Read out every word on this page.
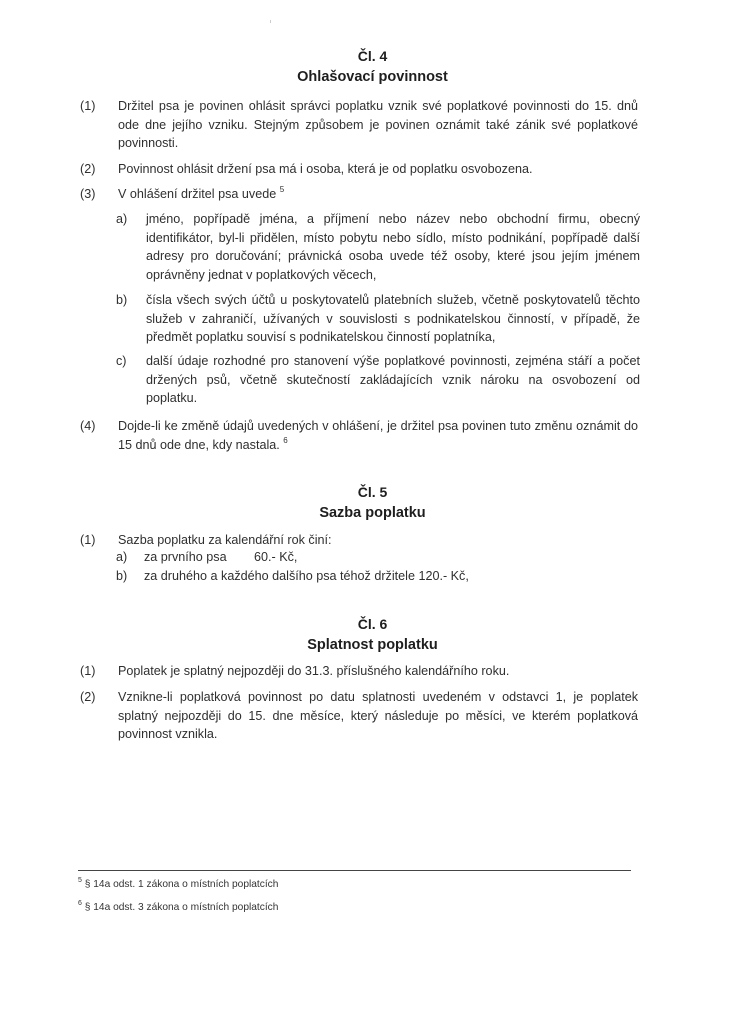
Čl. 4
Ohlašovací povinnost
(1) Držitel psa je povinen ohlásit správci poplatku vznik své poplatkové povinnosti do 15. dnů ode dne jejího vzniku. Stejným způsobem je povinen oznámit také zánik své poplatkové povinnosti.
(2) Povinnost ohlásit držení psa má i osoba, která je od poplatku osvobozena.
(3) V ohlášení držitel psa uvede $^5$
a) jméno, popřípadě jména, a příjmení nebo název nebo obchodní firmu, obecný identifikátor, byl-li přidělen, místo pobytu nebo sídlo, místo podnikání, popřípadě další adresy pro doručování; právnická osoba uvede též osoby, které jsou jejím jménem oprávněny jednat v poplatkových věcech,
b) čísla všech svých účtů u poskytovatelů platebních služeb, včetně poskytovatelů těchto služeb v zahraničí, užívaných v souvislosti s podnikatelskou činností, v případě, že předmět poplatku souvisí s podnikatelskou činností poplatníka,
c) další údaje rozhodné pro stanovení výše poplatkové povinnosti, zejména stáří a počet držených psů, včetně skutečností zakládajících vznik nároku na osvobození od poplatku.
(4) Dojde-li ke změně údajů uvedených v ohlášení, je držitel psa povinen tuto změnu oznámit do 15 dnů ode dne, kdy nastala. $^6$
Čl. 5
Sazba poplatku
(1) Sazba poplatku za kalendářní rok činí:
a) za prvního psa 60.- Kč,
b) za druhého a každého dalšího psa téhož držitele 120.- Kč,
Čl. 6
Splatnost poplatku
(1) Poplatek je splatný nejpozději do 31.3. příslušného kalendářního roku.
(2) Vznikne-li poplatková povinnost po datu splatnosti uvedeném v odstavci 1, je poplatek splatný nejpozději do 15. dne měsíce, který následuje po měsíci, ve kterém poplatková povinnost vznikla.
$^5$ § 14a odst. 1 zákona o místních poplatcích
$^6$ § 14a odst. 3 zákona o místních poplatcích
